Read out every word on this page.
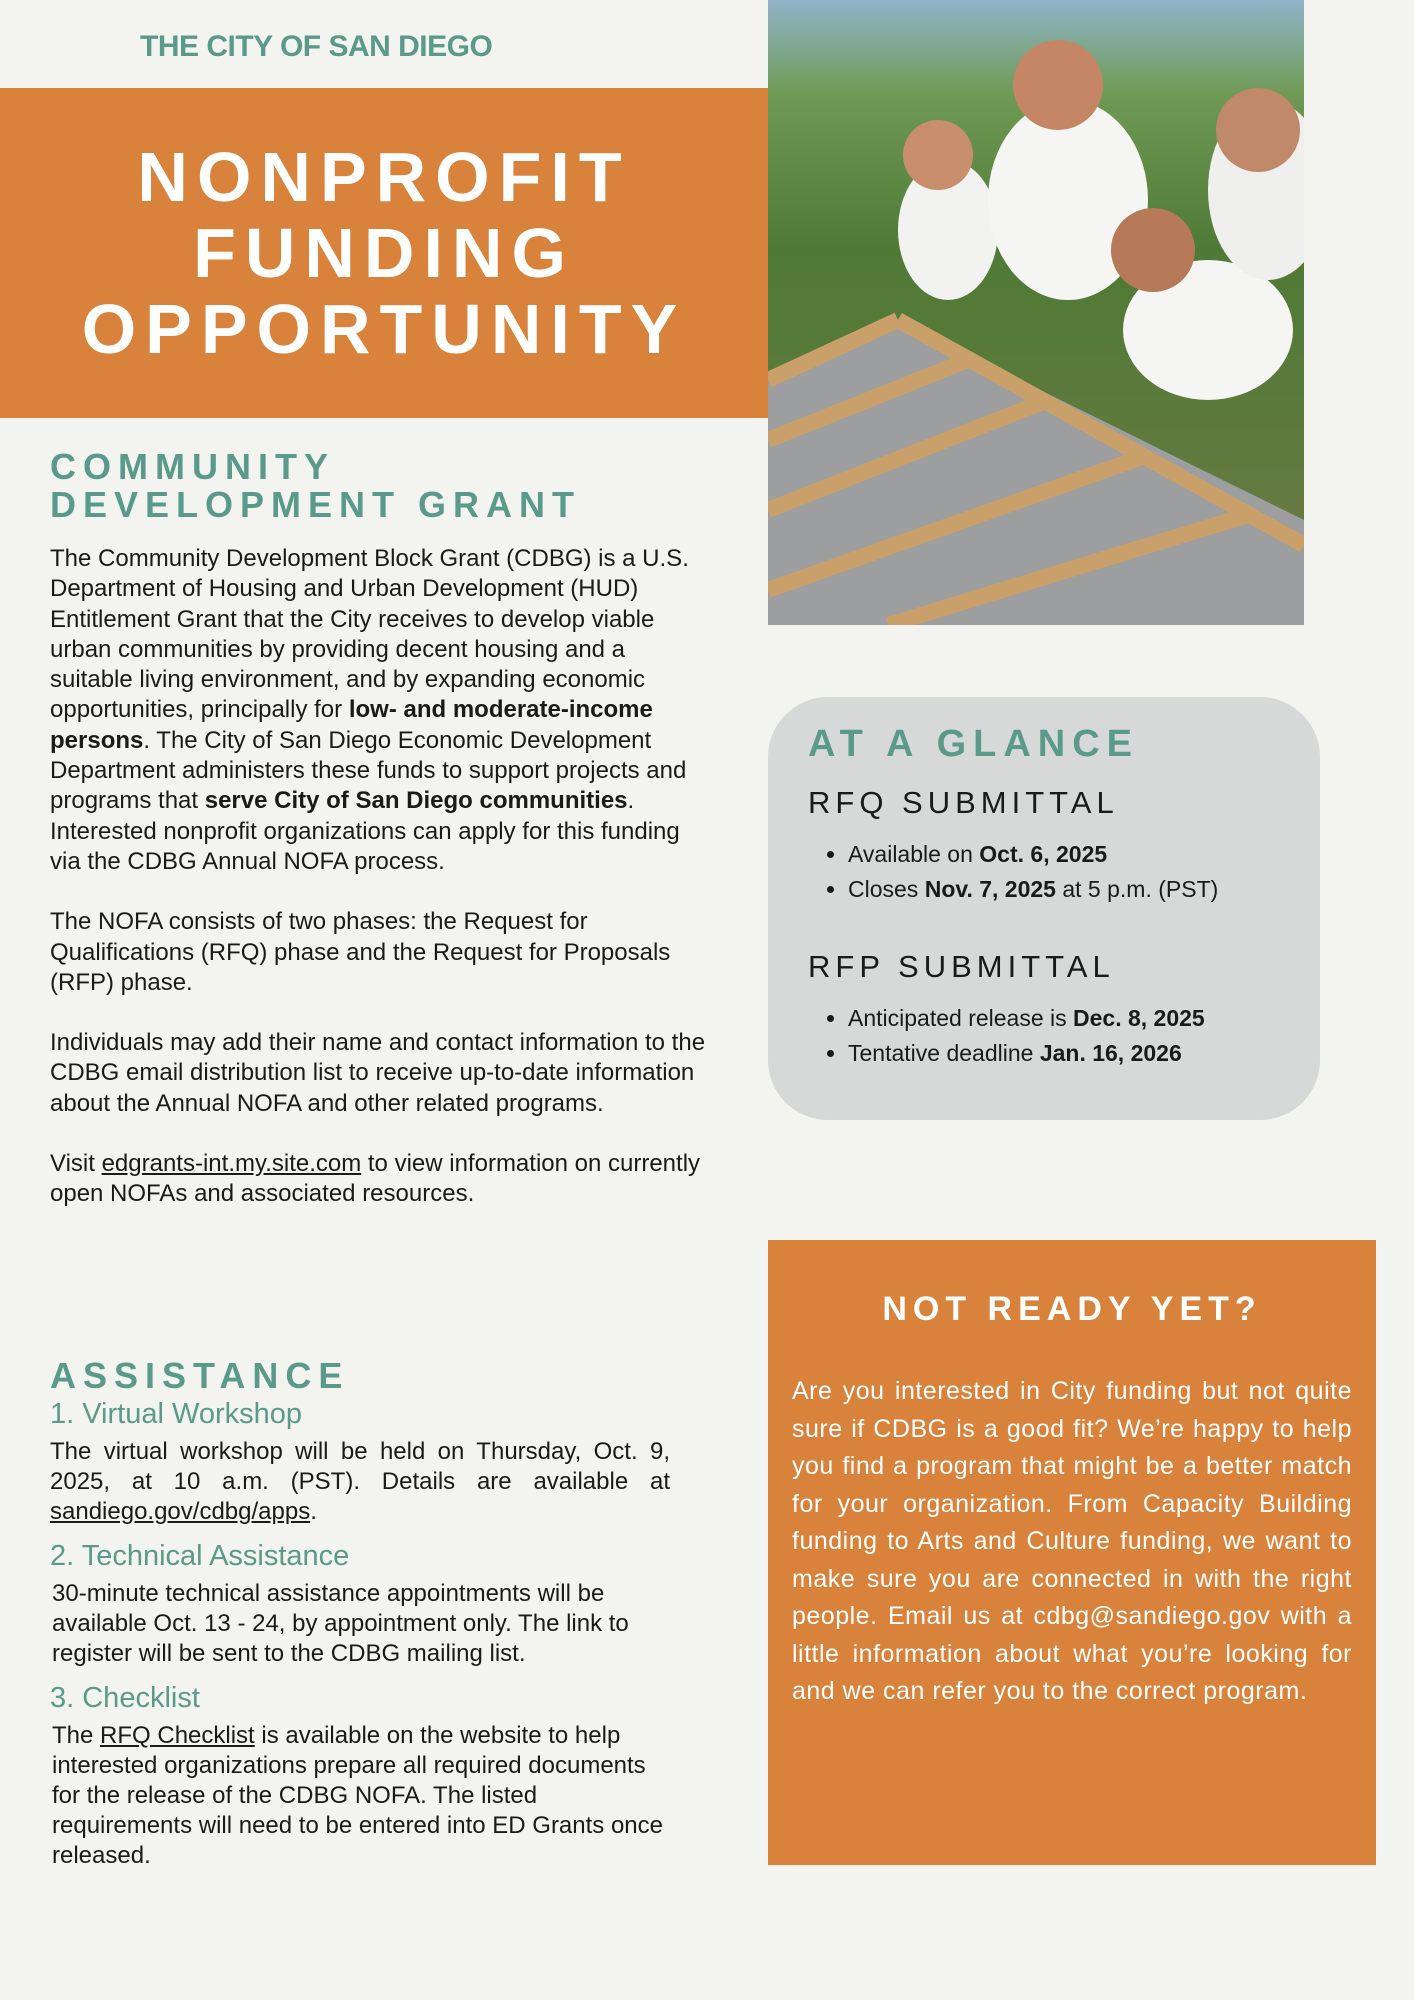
THE CITY OF SAN DIEGO
NONPROFIT
FUNDING
OPPORTUNITY
COMMUNITY
DEVELOPMENT GRANT

The Community Development Block Grant (CDBG) is a U.S. Department of Housing and Urban Development (HUD) Entitlement Grant that the City receives to develop viable urban communities by providing decent housing and a suitable living environment, and by expanding economic opportunities, principally for low- and moderate-income persons. The City of San Diego Economic Development Department administers these funds to support projects and programs that serve City of San Diego communities. Interested nonprofit organizations can apply for this funding via the CDBG Annual NOFA process.

The NOFA consists of two phases: the Request for Qualifications (RFQ) phase and the Request for Proposals (RFP) phase.

Individuals may add their name and contact information to the CDBG email distribution list to receive up-to-date information about the Annual NOFA and other related programs.

Visit edgrants-int.my.site.com to view information on currently open NOFAs and associated resources.

ASSISTANCE
1. Virtual Workshop
The virtual workshop will be held on Thursday, Oct. 9, 2025, at 10 a.m. (PST). Details are available at sandiego.gov/cdbg/apps.
2. Technical Assistance
30-minute technical assistance appointments will be available Oct. 13 - 24, by appointment only. The link to register will be sent to the CDBG mailing list.
3. Checklist
The RFQ Checklist is available on the website to help interested organizations prepare all required documents for the release of the CDBG NOFA. The listed requirements will need to be entered into ED Grants once released.
AT A GLANCE
RFQ SUBMITTAL
• Available on Oct. 6, 2025
• Closes Nov. 7, 2025 at 5 p.m. (PST)
RFP SUBMITTAL
• Anticipated release is Dec. 8, 2025
• Tentative deadline Jan. 16, 2026
NOT READY YET?

Are you interested in City funding but not quite sure if CDBG is a good fit? We’re happy to help you find a program that might be a better match for your organization. From Capacity Building funding to Arts and Culture funding, we want to make sure you are connected in with the right people. Email us at cdbg@sandiego.gov with a little information about what you’re looking for and we can refer you to the correct program.
